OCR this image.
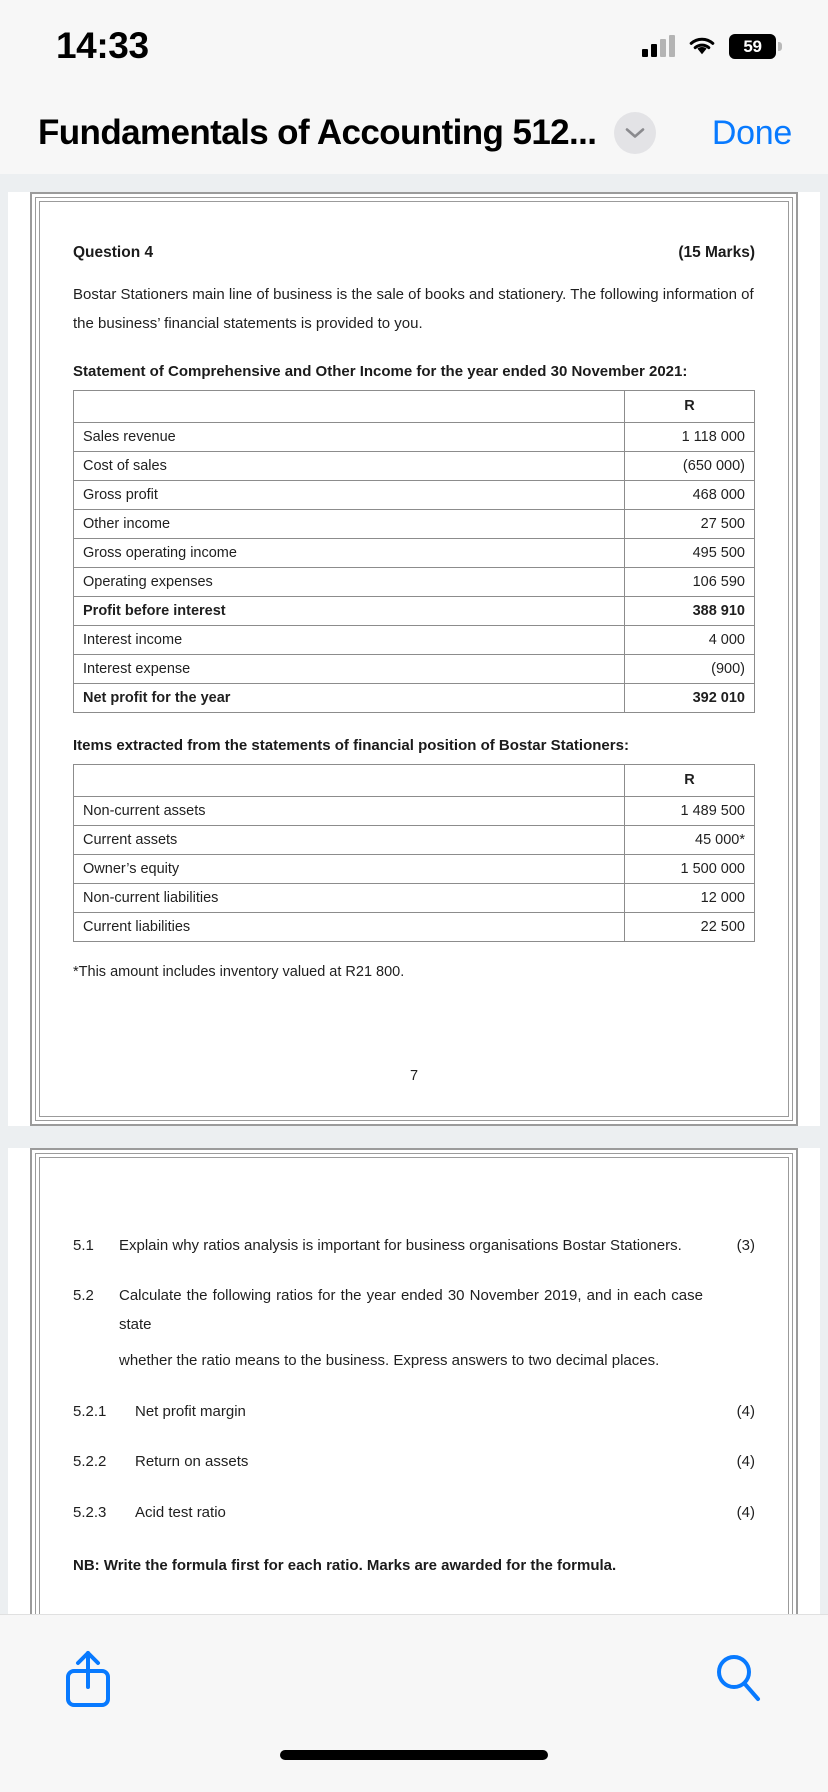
14:33	59
Fundamentals of Accounting 512...	Done
Question 4	(15 Marks)
Bostar Stationers main line of business is the sale of books and stationery. The following information of the business’ financial statements is provided to you.
Statement of Comprehensive and Other Income for the year ended 30 November 2021:
	R
Sales revenue	1 118 000
Cost of sales	(650 000)
Gross profit	468 000
Other income	27 500
Gross operating income	495 500
Operating expenses	106 590
Profit before interest	388 910
Interest income	4 000
Interest expense	(900)
Net profit for the year	392 010
Items extracted from the statements of financial position of Bostar Stationers:
	R
Non-current assets	1 489 500
Current assets	45 000*
Owner’s equity	1 500 000
Non-current liabilities	12 000
Current liabilities	22 500
*This amount includes inventory valued at R21 800.
7
5.1	Explain why ratios analysis is important for business organisations Bostar Stationers.	(3)
5.2	Calculate the following ratios for the year ended 30 November 2019, and in each case state
whether the ratio means to the business. Express answers to two decimal places.
5.2.1	Net profit margin	(4)
5.2.2	Return on assets	(4)
5.2.3	Acid test ratio	(4)
NB: Write the formula first for each ratio. Marks are awarded for the formula.
